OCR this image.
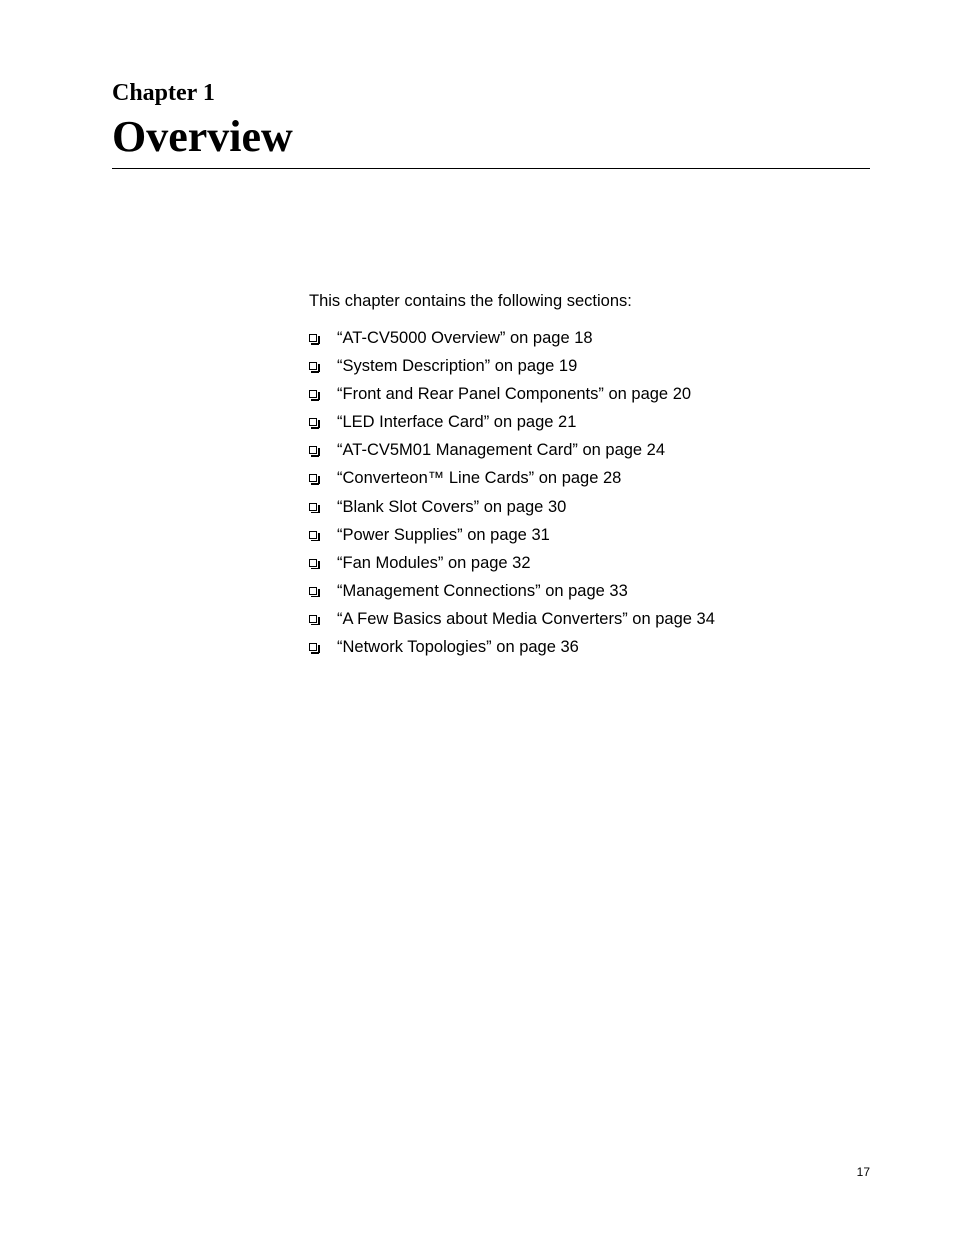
Chapter 1
Overview

This chapter contains the following sections:

“AT-CV5000 Overview” on page 18
“System Description” on page 19
“Front and Rear Panel Components” on page 20
“LED Interface Card” on page 21
“AT-CV5M01 Management Card” on page 24
“Converteon™ Line Cards” on page 28
“Blank Slot Covers” on page 30
“Power Supplies” on page 31
“Fan Modules” on page 32
“Management Connections” on page 33
“A Few Basics about Media Converters” on page 34
“Network Topologies” on page 36

17
